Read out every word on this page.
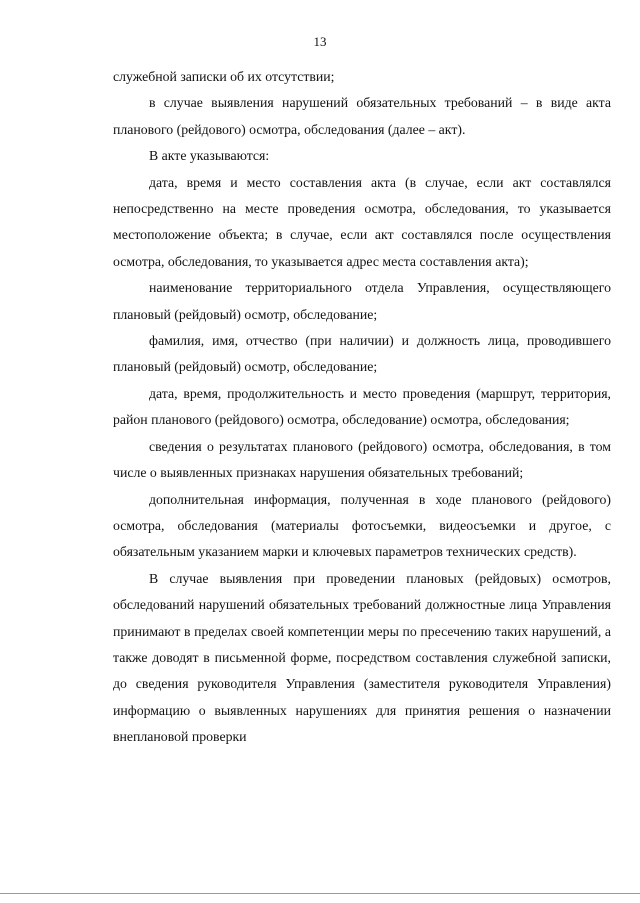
13

служебной записки об их отсутствии;

в случае выявления нарушений обязательных требований – в виде акта планового (рейдового) осмотра, обследования (далее – акт).

В акте указываются:

дата, время и место составления акта (в случае, если акт составлялся непосредственно на месте проведения осмотра, обследования, то указывается местоположение объекта; в случае, если акт составлялся после осуществления осмотра, обследования, то указывается адрес места составления акта);

наименование территориального отдела Управления, осуществляющего плановый (рейдовый) осмотр, обследование;

фамилия, имя, отчество (при наличии) и должность лица, проводившего плановый (рейдовый) осмотр, обследование;

дата, время, продолжительность и место проведения (маршрут, территория, район планового (рейдового) осмотра, обследование) осмотра, обследования;

сведения о результатах планового (рейдового) осмотра, обследования, в том числе о выявленных признаках нарушения обязательных требований;

дополнительная информация, полученная в ходе планового (рейдового) осмотра, обследования (материалы фотосъемки, видеосъемки и другое, с обязательным указанием марки и ключевых параметров технических средств).

В случае выявления при проведении плановых (рейдовых) осмотров, обследований нарушений обязательных требований должностные лица Управления принимают в пределах своей компетенции меры по пресечению таких нарушений, а также доводят в письменной форме, посредством составления служебной записки, до сведения руководителя Управления (заместителя руководителя Управления) информацию о выявленных нарушениях для принятия решения о назначении внеплановой проверки
